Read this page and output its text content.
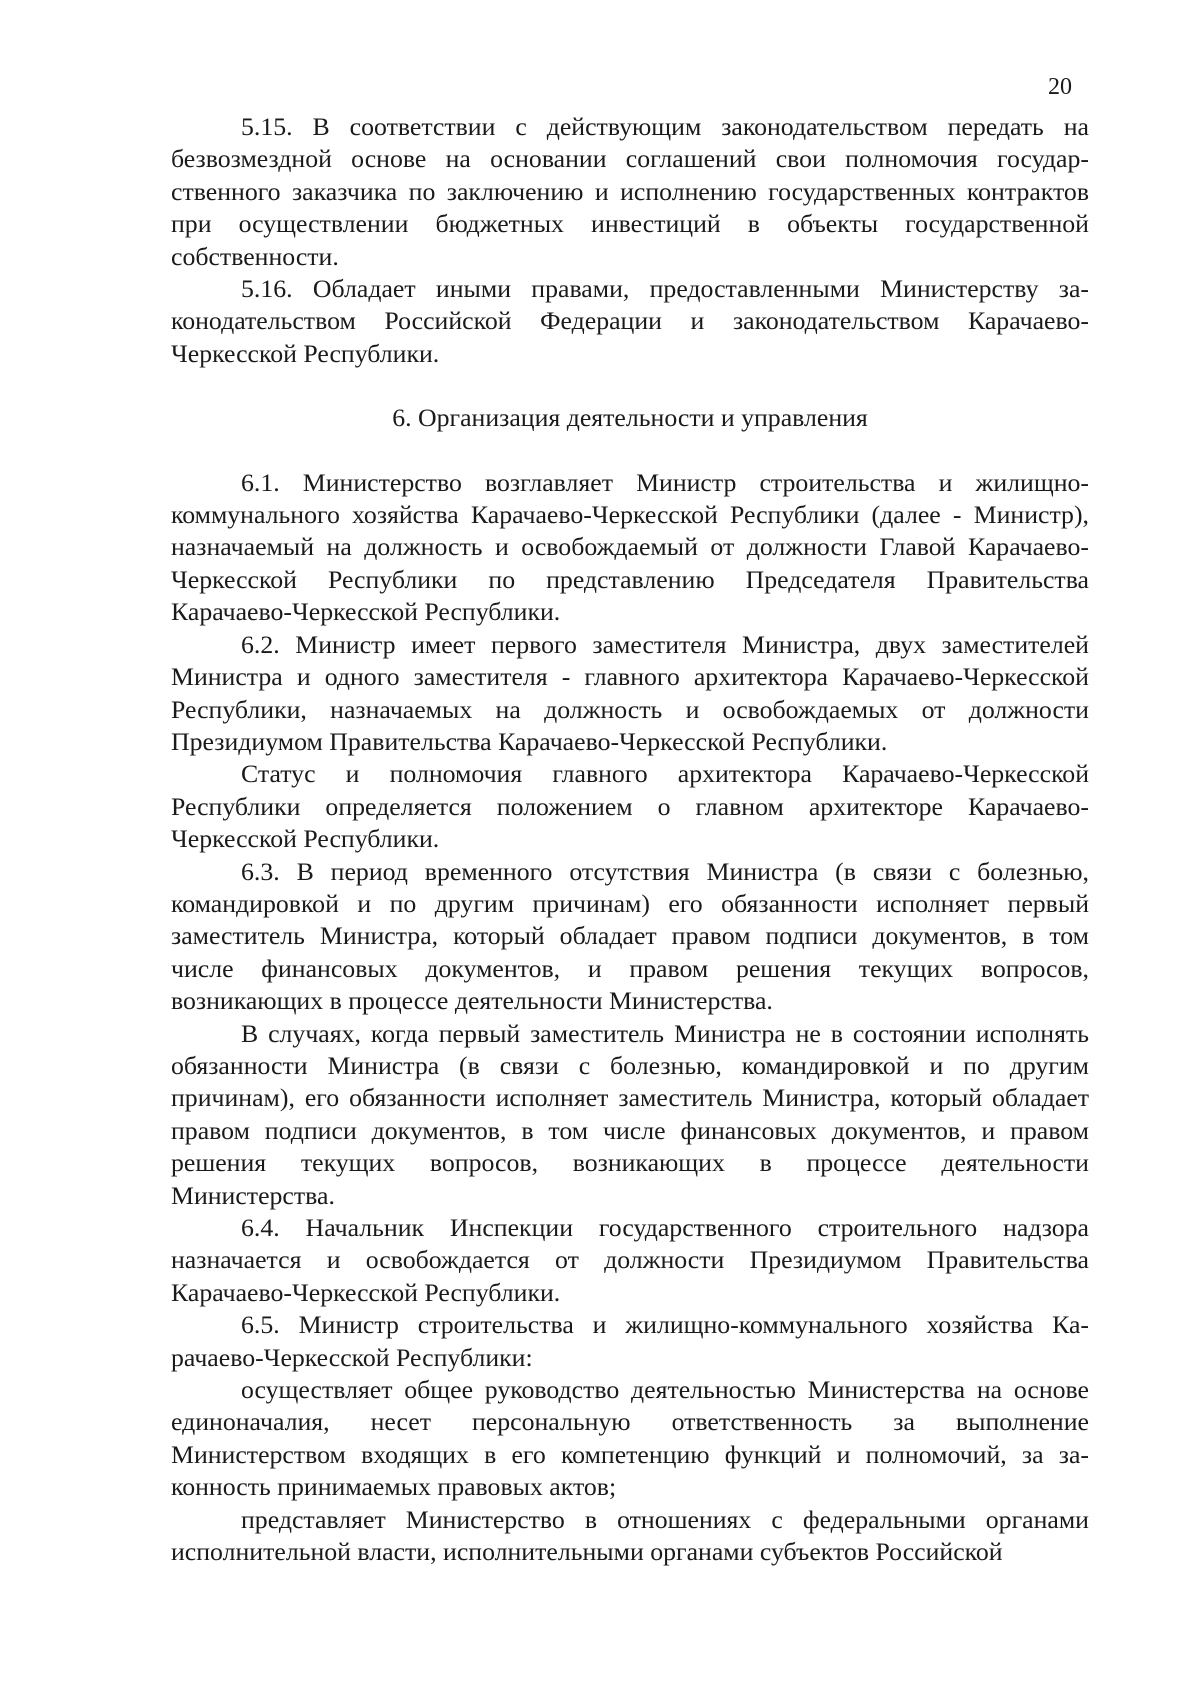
20

5.15. В соответствии с действующим законодательством передать на безвозмездной основе на основании соглашений свои полномочия государственного заказчика по заключению и исполнению государственных контрактов при осуществлении бюджетных инвестиций в объекты государственной собственности.

5.16. Обладает иными правами, предоставленными Министерству законодательством Российской Федерации и законодательством Карачаево-Черкесской Республики.

6. Организация деятельности и управления

6.1. Министерство возглавляет Министр строительства и жилищно-коммунального хозяйства Карачаево-Черкесской Республики (далее - Министр), назначаемый на должность и освобождаемый от должности Главой Карачаево-Черкесской Республики по представлению Председателя Правительства Карачаево-Черкесской Республики.

6.2. Министр имеет первого заместителя Министра, двух заместителей Министра и одного заместителя - главного архитектора Карачаево-Черкесской Республики, назначаемых на должность и освобождаемых от должности Президиумом Правительства Карачаево-Черкесской Республики.

Статус и полномочия главного архитектора Карачаево-Черкесской Республики определяется положением о главном архитекторе Карачаево-Черкесской Республики.

6.3. В период временного отсутствия Министра (в связи с болезнью, командировкой и по другим причинам) его обязанности исполняет первый заместитель Министра, который обладает правом подписи документов, в том числе финансовых документов, и правом решения текущих вопросов, возникающих в процессе деятельности Министерства.

В случаях, когда первый заместитель Министра не в состоянии исполнять обязанности Министра (в связи с болезнью, командировкой и по другим причинам), его обязанности исполняет заместитель Министра, который обладает правом подписи документов, в том числе финансовых документов, и правом решения текущих вопросов, возникающих в процессе деятельности Министерства.

6.4. Начальник Инспекции государственного строительного надзора назначается и освобождается от должности Президиумом Правительства Карачаево-Черкесской Республики.

6.5. Министр строительства и жилищно-коммунального хозяйства Карачаево-Черкесской Республики:

осуществляет общее руководство деятельностью Министерства на основе единоначалия, несет персональную ответственность за выполнение Министерством входящих в его компетенцию функций и полномочий, за законность принимаемых правовых актов;

представляет Министерство в отношениях с федеральными органами исполнительной власти, исполнительными органами субъектов Российской
